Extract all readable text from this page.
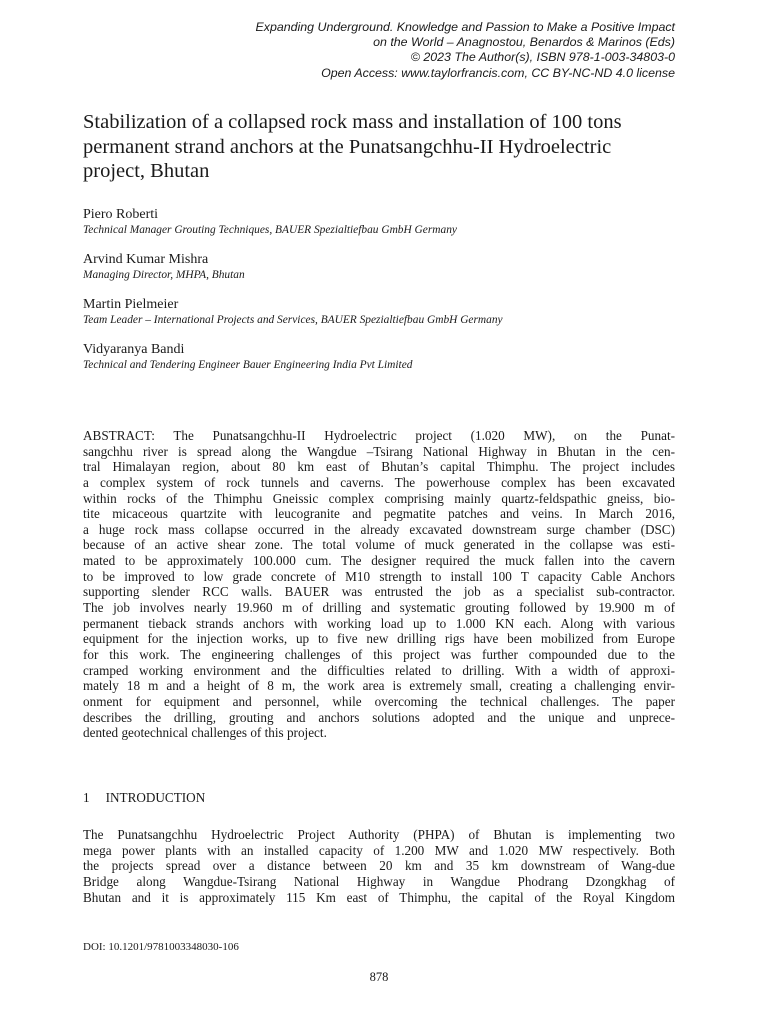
Expanding Underground. Knowledge and Passion to Make a Positive Impact
on the World – Anagnostou, Benardos & Marinos (Eds)
© 2023 The Author(s), ISBN 978-1-003-34803-0
Open Access: www.taylorfrancis.com, CC BY-NC-ND 4.0 license
Stabilization of a collapsed rock mass and installation of 100 tons
permanent strand anchors at the Punatsangchhu-II Hydroelectric
project, Bhutan
Piero Roberti
Technical Manager Grouting Techniques, BAUER Spezialtiefbau GmbH Germany
Arvind Kumar Mishra
Managing Director, MHPA, Bhutan
Martin Pielmeier
Team Leader – International Projects and Services, BAUER Spezialtiefbau GmbH Germany
Vidyaranya Bandi
Technical and Tendering Engineer Bauer Engineering India Pvt Limited
ABSTRACT: The Punatsangchhu-II Hydroelectric project (1.020 MW), on the Punat-
sangchhu river is spread along the Wangdue –Tsirang National Highway in Bhutan in the cen-
tral Himalayan region, about 80 km east of Bhutan’s capital Thimphu. The project includes
a complex system of rock tunnels and caverns. The powerhouse complex has been excavated
within rocks of the Thimphu Gneissic complex comprising mainly quartz-feldspathic gneiss, bio-
tite micaceous quartzite with leucogranite and pegmatite patches and veins. In March 2016,
a huge rock mass collapse occurred in the already excavated downstream surge chamber (DSC)
because of an active shear zone. The total volume of muck generated in the collapse was esti-
mated to be approximately 100.000 cum. The designer required the muck fallen into the cavern
to be improved to low grade concrete of M10 strength to install 100 T capacity Cable Anchors
supporting slender RCC walls. BAUER was entrusted the job as a specialist sub-contractor.
The job involves nearly 19.960 m of drilling and systematic grouting followed by 19.900 m of
permanent tieback strands anchors with working load up to 1.000 KN each. Along with various
equipment for the injection works, up to five new drilling rigs have been mobilized from Europe
for this work. The engineering challenges of this project was further compounded due to the
cramped working environment and the difficulties related to drilling. With a width of approxi-
mately 18 m and a height of 8 m, the work area is extremely small, creating a challenging envir-
onment for equipment and personnel, while overcoming the technical challenges. The paper
describes the drilling, grouting and anchors solutions adopted and the unique and unprece-
dented geotechnical challenges of this project.
1 INTRODUCTION
The Punatsangchhu Hydroelectric Project Authority (PHPA) of Bhutan is implementing two
mega power plants with an installed capacity of 1.200 MW and 1.020 MW respectively. Both
the projects spread over a distance between 20 km and 35 km downstream of Wang-due
Bridge along Wangdue-Tsirang National Highway in Wangdue Phodrang Dzongkhag of
Bhutan and it is approximately 115 Km east of Thimphu, the capital of the Royal Kingdom
DOI: 10.1201/9781003348030-106
878
